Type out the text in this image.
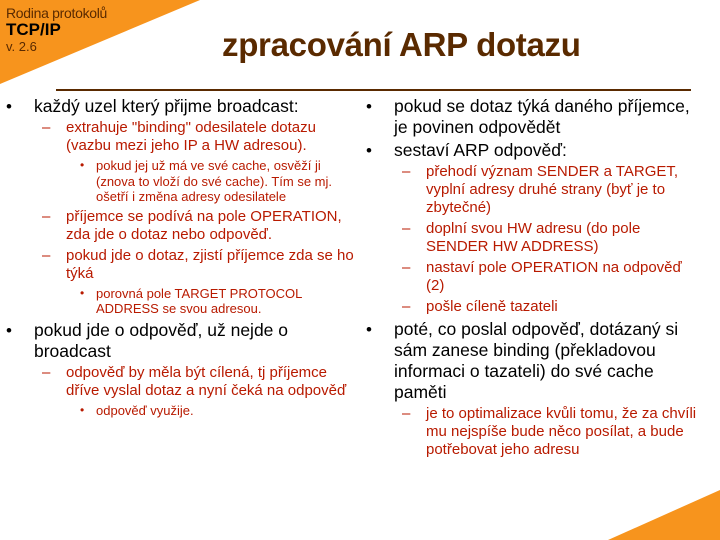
Rodina protokolů
TCP/IP
v. 2.6	zpracování ARP dotazu
• každý uzel který přijme broadcast:
– extrahuje "binding" odesilatele dotazu (vazbu mezi jeho IP a HW adresou).
• pokud jej už má ve své cache, osvěží ji (znova to vloží do své cache). Tím se mj. ošetří i změna adresy odesilatele
– příjemce se podívá na pole OPERATION, zda jde o dotaz nebo odpověď.
– pokud jde o dotaz, zjistí příjemce zda se ho týká
• porovná pole TARGET PROTOCOL ADDRESS se svou adresou.
• pokud jde o odpověď, už nejde o broadcast
– odpověď by měla být cílená, tj příjemce dříve vyslal dotaz a nyní čeká na odpověď
• odpověď využije.
• pokud se dotaz týká daného příjemce, je povinen odpovědět
• sestaví ARP odpověď:
– přehodí význam SENDER a TARGET, vyplní adresy druhé strany (byť je to zbytečné)
– doplní svou HW adresu (do pole SENDER HW ADDRESS)
– nastaví pole OPERATION na odpověď (2)
– pošle cíleně tazateli
• poté, co poslal odpověď, dotázaný si sám zanese binding (překladovou informaci o tazateli) do své cache paměti
– je to optimalizace kvůli tomu, že za chvíli mu nejspíše bude něco posílat, a bude potřebovat jeho adresu
